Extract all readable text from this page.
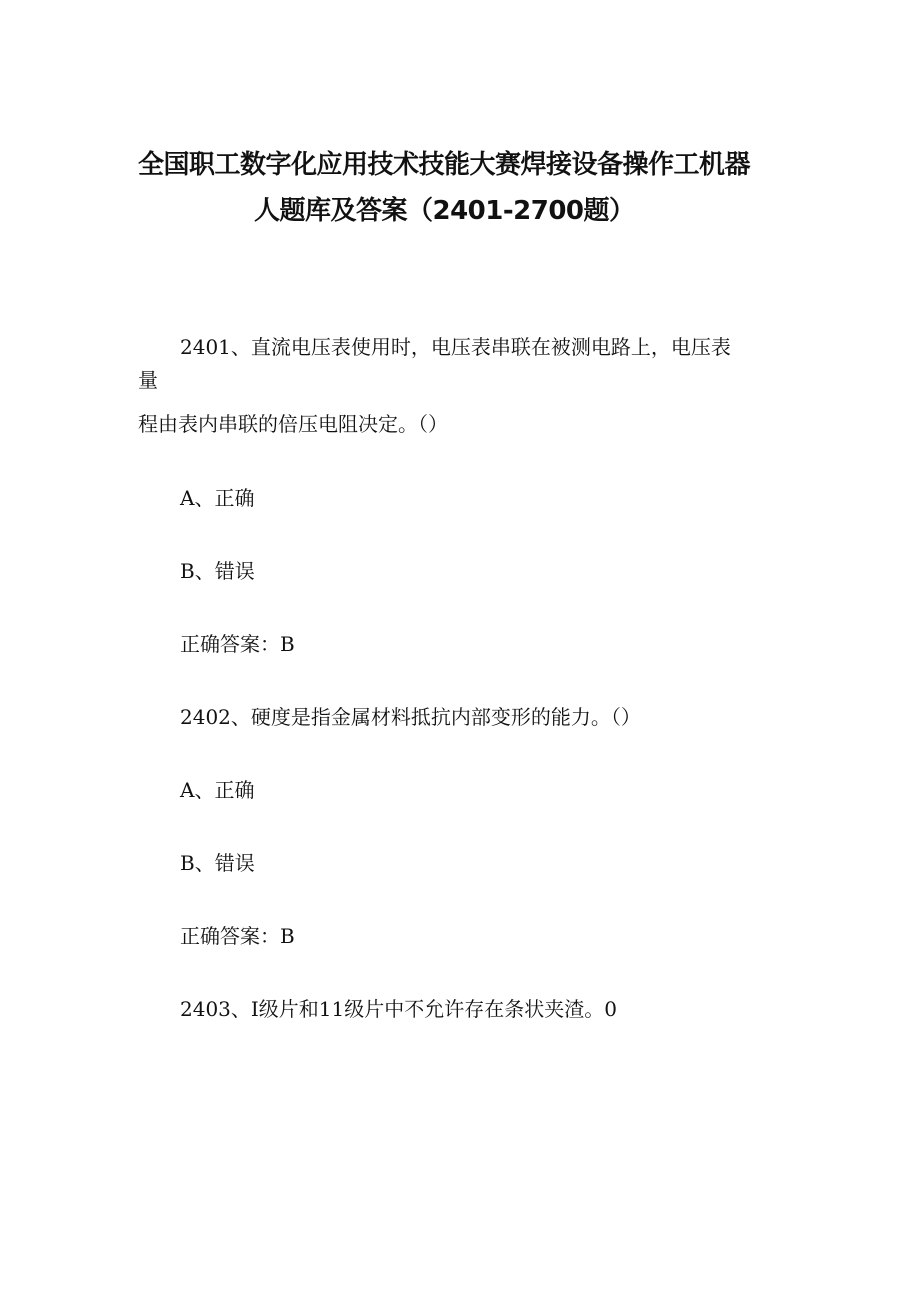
全国职工数字化应用技术技能大赛焊接设备操作工机器
人题库及答案（2401-2700题）

2401、直流电压表使用时，电压表串联在被测电路上，电压表

量

程由表内串联的倍压电阻决定。（）

A、正确

B、错误

正确答案：B

2402、硬度是指金属材料抵抗内部变形的能力。（）

A、正确

B、错误

正确答案：B

2403、I级片和11级片中不允许存在条状夹渣。0
